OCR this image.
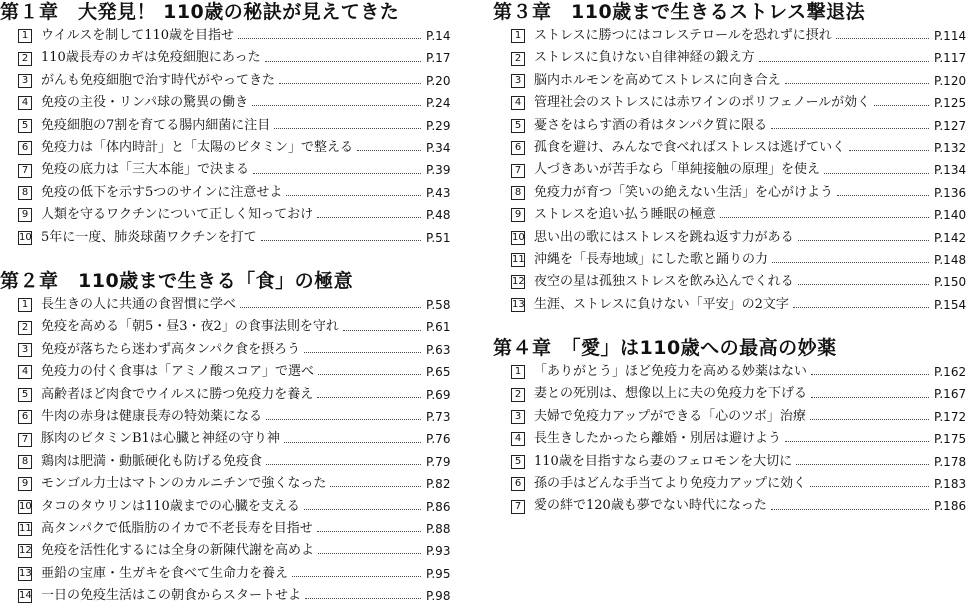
第１章　大発見！ 110歳の秘訣が見えてきた
1 ウイルスを制して110歳を目指せ	P.14
2 110歳長寿のカギは免疫細胞にあった	P.17
3 がんも免疫細胞で治す時代がやってきた	P.20
4 免疫の主役・リンパ球の驚異の働き	P.24
5 免疫細胞の7割を育てる腸内細菌に注目	P.29
6 免疫力は「体内時計」と「太陽のビタミン」で整える	P.34
7 免疫の底力は「三大本能」で決まる	P.39
8 免疫の低下を示す5つのサインに注意せよ	P.43
9 人類を守るワクチンについて正しく知っておけ	P.48
10 5年に一度、肺炎球菌ワクチンを打て	P.51
第２章　110歳まで生きる「食」の極意
1 長生きの人に共通の食習慣に学べ	P.58
2 免疫を高める「朝5・昼3・夜2」の食事法則を守れ	P.61
3 免疫が落ちたら迷わず高タンパク食を摂ろう	P.63
4 免疫力の付く食事は「アミノ酸スコア」で選べ	P.65
5 高齢者ほど肉食でウイルスに勝つ免疫力を養え	P.69
6 牛肉の赤身は健康長寿の特効薬になる	P.73
7 豚肉のビタミンB1は心臓と神経の守り神	P.76
8 鶏肉は肥満・動脈硬化も防げる免疫食	P.79
9 モンゴル力士はマトンのカルニチンで強くなった	P.82
10 タコのタウリンは110歳までの心臓を支える	P.86
11 高タンパクで低脂肪のイカで不老長寿を目指せ	P.88
12 免疫を活性化するには全身の新陳代謝を高めよ	P.93
13 亜鉛の宝庫・生ガキを食べて生命力を養え	P.95
14 一日の免疫生活はこの朝食からスタートせよ	P.98
第３章　110歳まで生きるストレス撃退法
1 ストレスに勝つにはコレステロールを恐れずに摂れ	P.114
2 ストレスに負けない自律神経の鍛え方	P.117
3 脳内ホルモンを高めてストレスに向き合え	P.120
4 管理社会のストレスには赤ワインのポリフェノールが効く	P.125
5 憂さをはらす酒の肴はタンパク質に限る	P.127
6 孤食を避け、みんなで食べればストレスは逃げていく	P.132
7 人づきあいが苦手なら「単純接触の原理」を使え	P.134
8 免疫力が育つ「笑いの絶えない生活」を心がけよう	P.136
9 ストレスを追い払う睡眠の極意	P.140
10 思い出の歌にはストレスを跳ね返す力がある	P.142
11 沖縄を「長寿地域」にした歌と踊りの力	P.148
12 夜空の星は孤独ストレスを飲み込んでくれる	P.150
13 生涯、ストレスに負けない「平安」の2文字	P.154
第４章　「愛」は110歳への最高の妙薬
1 「ありがとう」ほど免疫力を高める妙薬はない	P.162
2 妻との死別は、想像以上に夫の免疫力を下げる	P.167
3 夫婦で免疫力アップができる「心のツボ」治療	P.172
4 長生きしたかったら離婚・別居は避けよう	P.175
5 110歳を目指すなら妻のフェロモンを大切に	P.178
6 孫の手はどんな手当てより免疫力アップに効く	P.183
7 愛の絆で120歳も夢でない時代になった	P.186
